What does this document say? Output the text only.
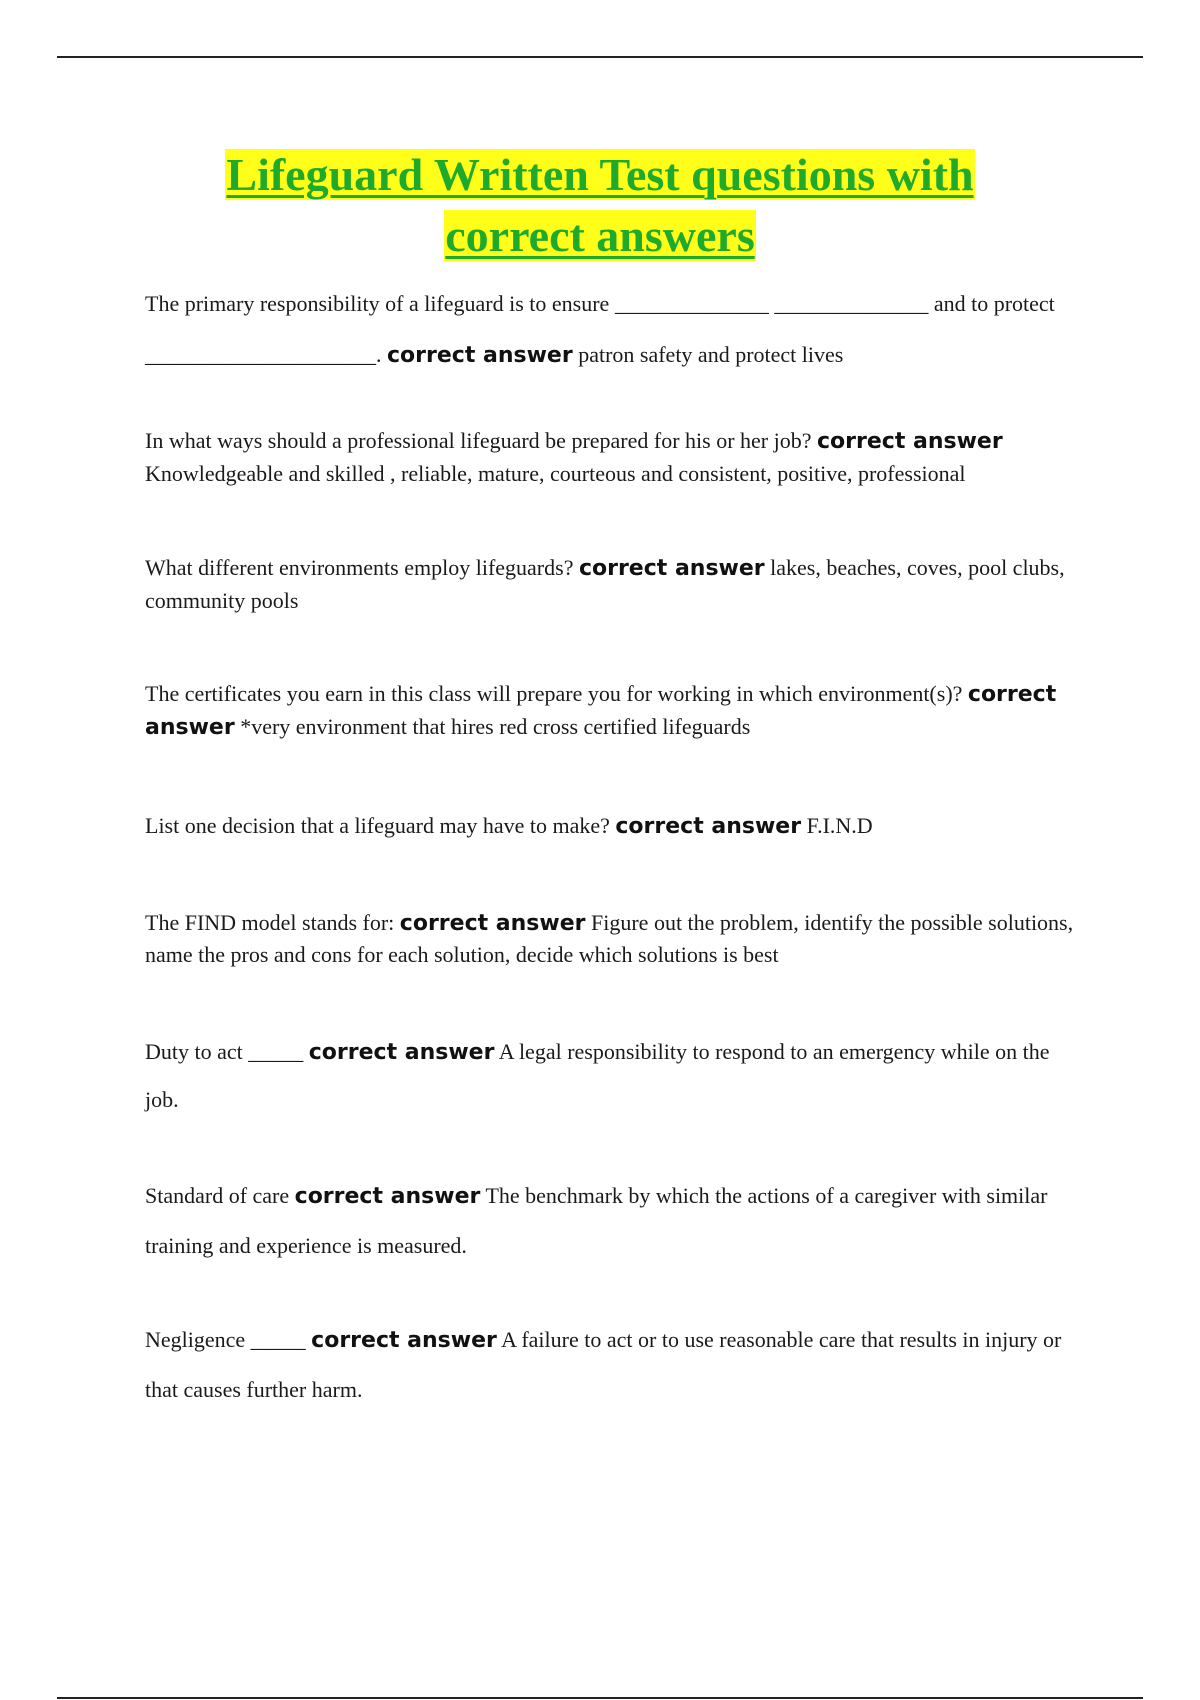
Lifeguard Written Test questions with
correct answers

The primary responsibility of a lifeguard is to ensure ______________ ______________ and to protect _____________________. correct answer patron safety and protect lives

In what ways should a professional lifeguard be prepared for his or her job? correct answer Knowledgeable and skilled , reliable, mature, courteous and consistent, positive, professional

What different environments employ lifeguards? correct answer lakes, beaches, coves, pool clubs, community pools

The certificates you earn in this class will prepare you for working in which environment(s)? correct answer *very environment that hires red cross certified lifeguards

List one decision that a lifeguard may have to make? correct answer F.I.N.D

The FIND model stands for: correct answer Figure out the problem, identify the possible solutions, name the pros and cons for each solution, decide which solutions is best

Duty to act _____ correct answer A legal responsibility to respond to an emergency while on the job.

Standard of care correct answer The benchmark by which the actions of a caregiver with similar training and experience is measured.

Negligence _____ correct answer A failure to act or to use reasonable care that results in injury or that causes further harm.
